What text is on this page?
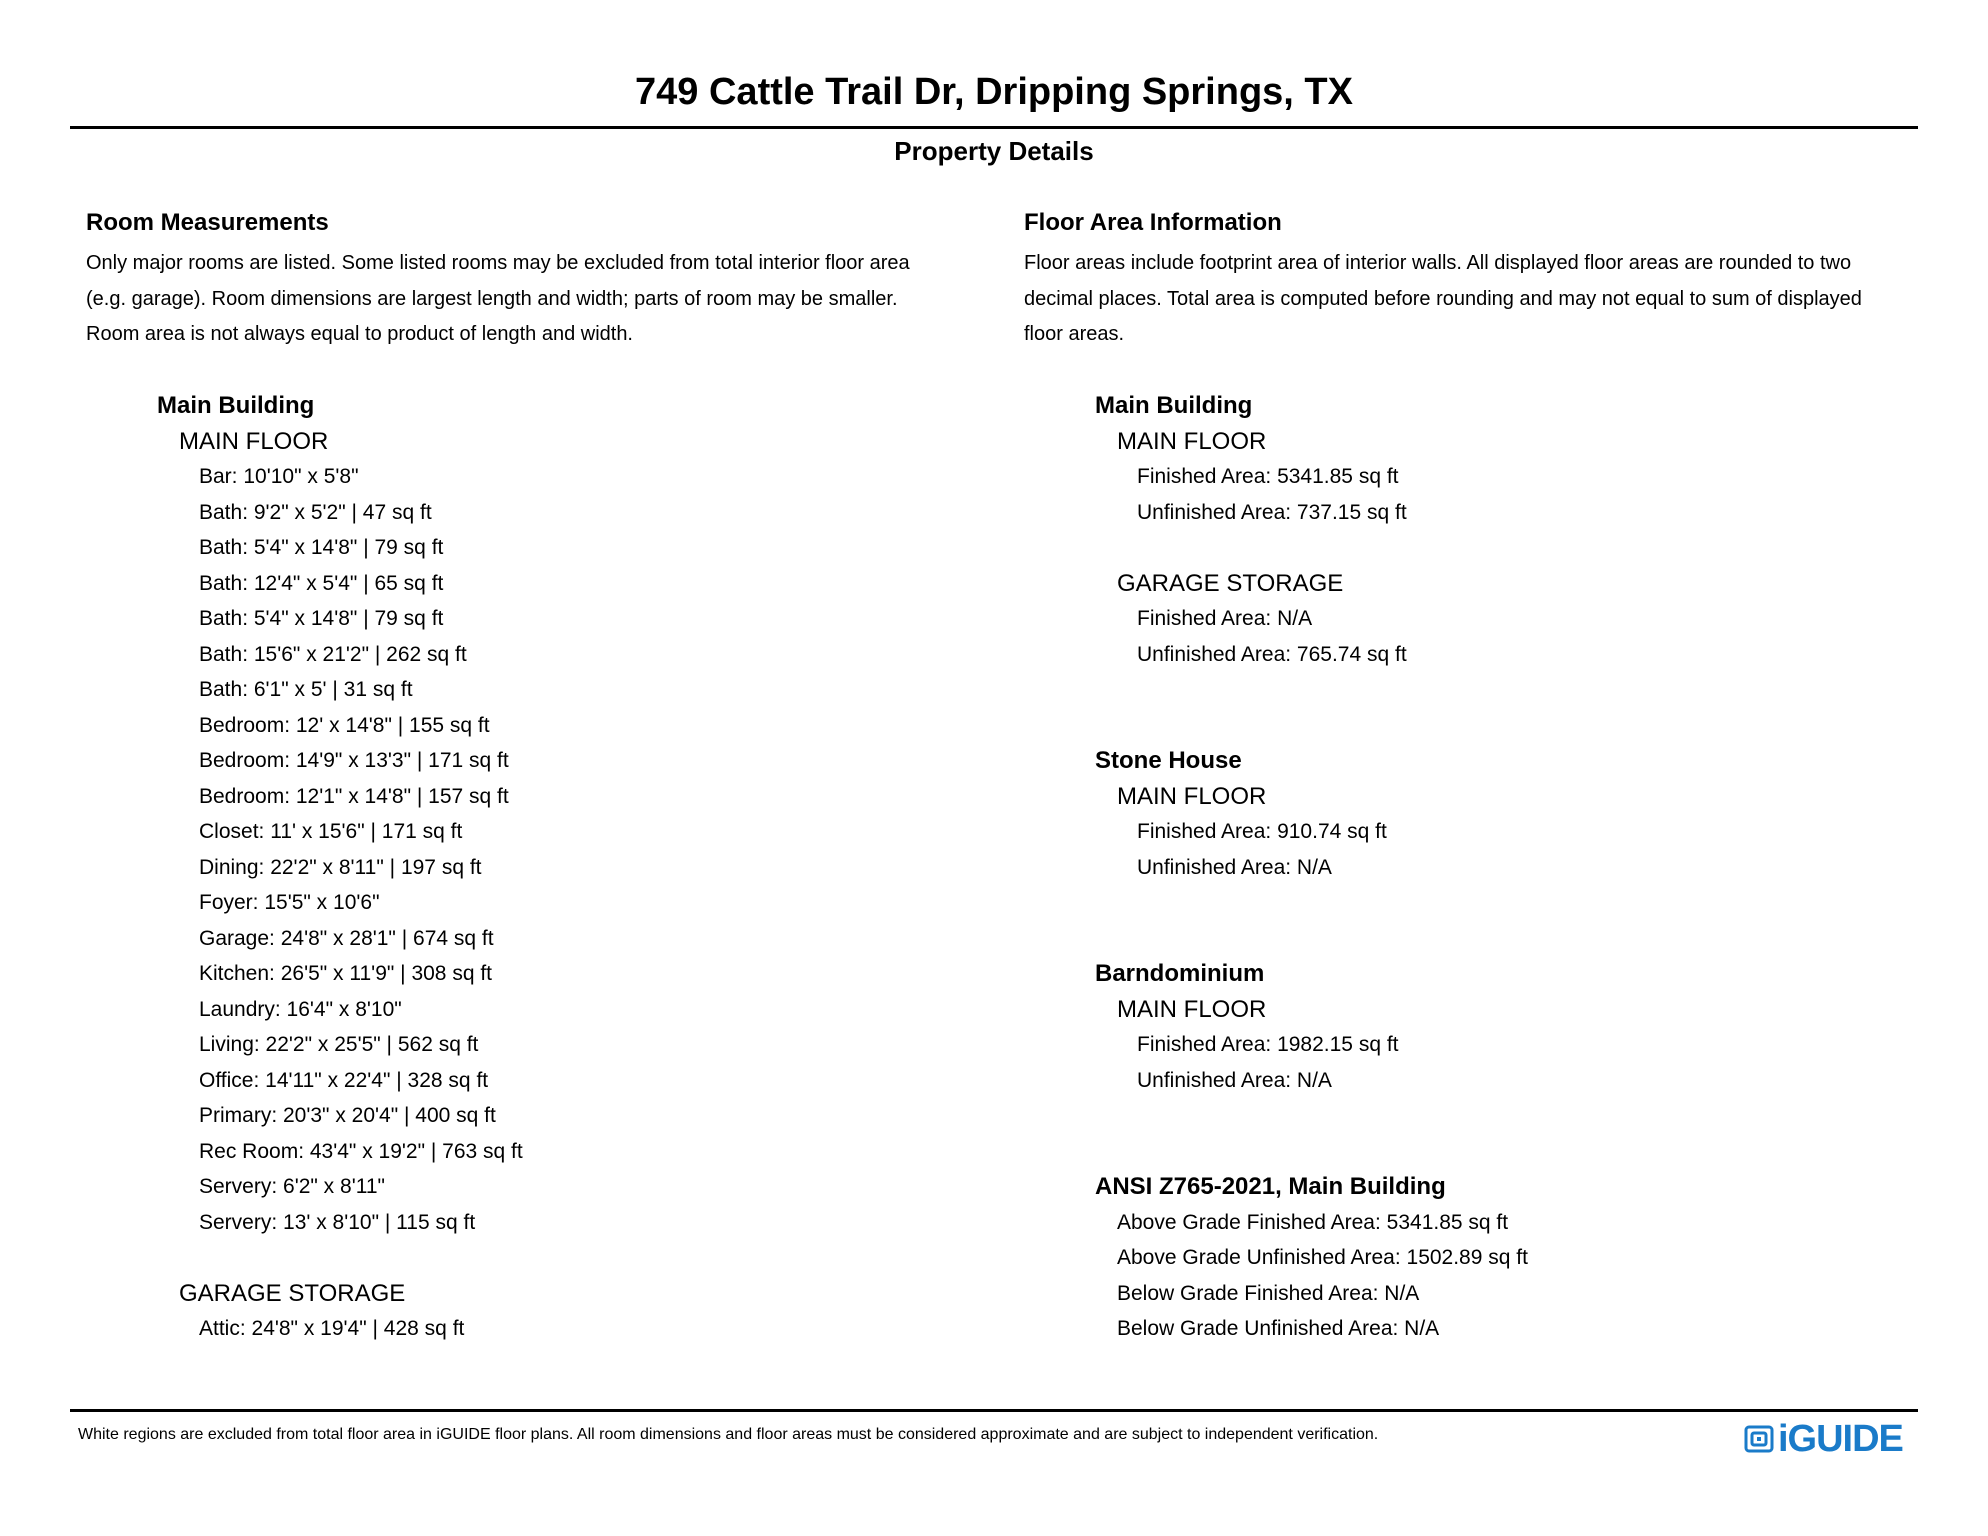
749 Cattle Trail Dr, Dripping Springs, TX
Property Details
Room Measurements
Only major rooms are listed. Some listed rooms may be excluded from total interior floor area
(e.g. garage). Room dimensions are largest length and width; parts of room may be smaller.
Room area is not always equal to product of length and width.
Main Building
MAIN FLOOR
Bar: 10'10" x 5'8"
Bath: 9'2" x 5'2" | 47 sq ft
Bath: 5'4" x 14'8" | 79 sq ft
Bath: 12'4" x 5'4" | 65 sq ft
Bath: 5'4" x 14'8" | 79 sq ft
Bath: 15'6" x 21'2" | 262 sq ft
Bath: 6'1" x 5' | 31 sq ft
Bedroom: 12' x 14'8" | 155 sq ft
Bedroom: 14'9" x 13'3" | 171 sq ft
Bedroom: 12'1" x 14'8" | 157 sq ft
Closet: 11' x 15'6" | 171 sq ft
Dining: 22'2" x 8'11" | 197 sq ft
Foyer: 15'5" x 10'6"
Garage: 24'8" x 28'1" | 674 sq ft
Kitchen: 26'5" x 11'9" | 308 sq ft
Laundry: 16'4" x 8'10"
Living: 22'2" x 25'5" | 562 sq ft
Office: 14'11" x 22'4" | 328 sq ft
Primary: 20'3" x 20'4" | 400 sq ft
Rec Room: 43'4" x 19'2" | 763 sq ft
Servery: 6'2" x 8'11"
Servery: 13' x 8'10" | 115 sq ft
GARAGE STORAGE
Attic: 24'8" x 19'4" | 428 sq ft
Floor Area Information
Floor areas include footprint area of interior walls. All displayed floor areas are rounded to two
decimal places. Total area is computed before rounding and may not equal to sum of displayed
floor areas.
Main Building
MAIN FLOOR
Finished Area: 5341.85 sq ft
Unfinished Area: 737.15 sq ft
GARAGE STORAGE
Finished Area: N/A
Unfinished Area: 765.74 sq ft
Stone House
MAIN FLOOR
Finished Area: 910.74 sq ft
Unfinished Area: N/A
Barndominium
MAIN FLOOR
Finished Area: 1982.15 sq ft
Unfinished Area: N/A
ANSI Z765-2021, Main Building
Above Grade Finished Area: 5341.85 sq ft
Above Grade Unfinished Area: 1502.89 sq ft
Below Grade Finished Area: N/A
Below Grade Unfinished Area: N/A
White regions are excluded from total floor area in iGUIDE floor plans. All room dimensions and floor areas must be considered approximate and are subject to independent verification.	iGUIDE
